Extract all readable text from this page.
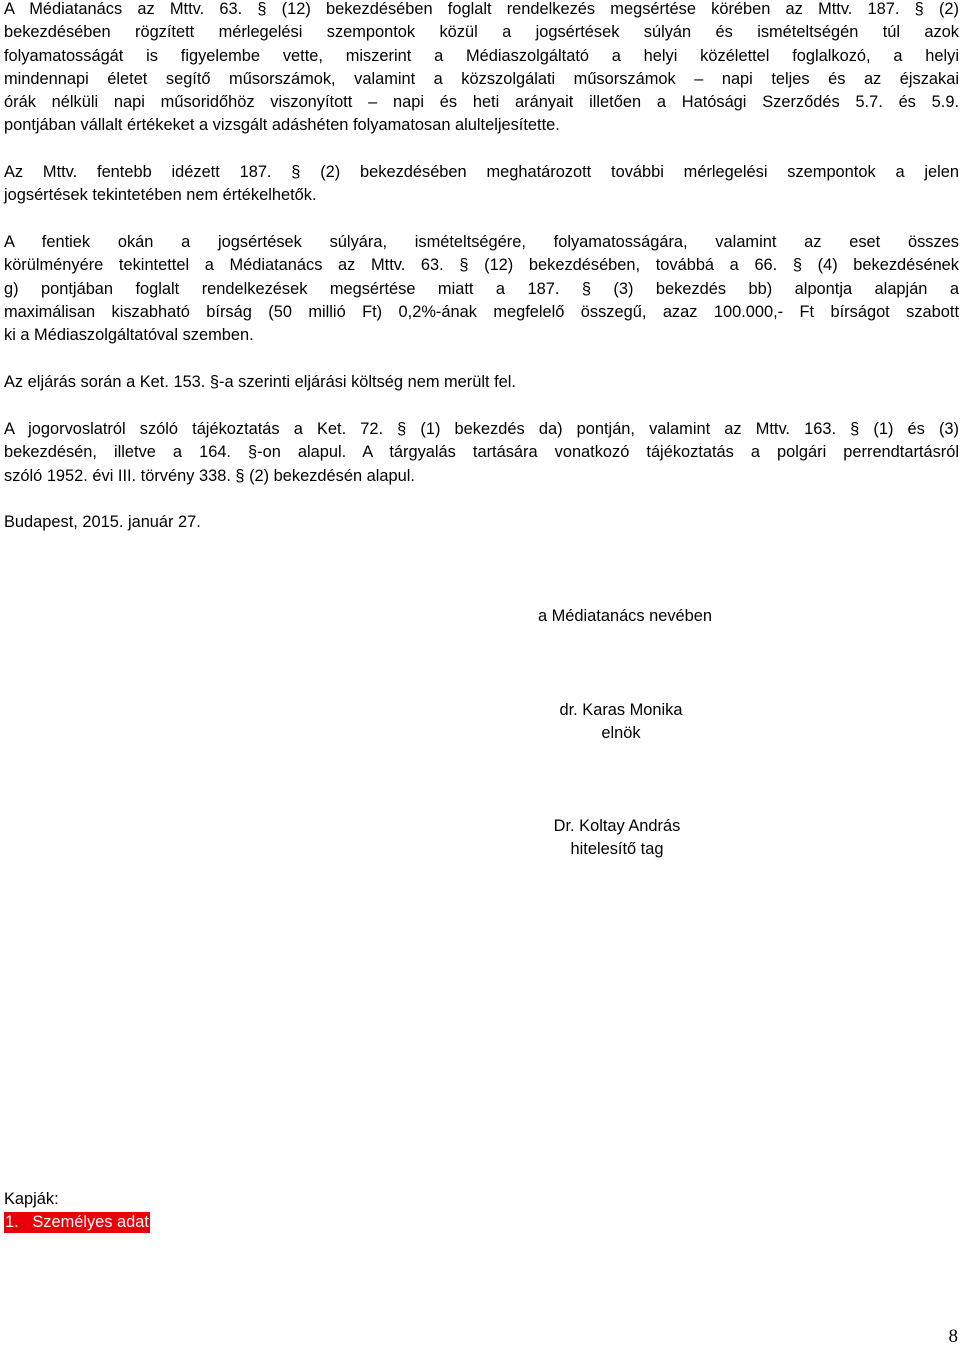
A Médiatanács az Mttv. 63. § (12) bekezdésében foglalt rendelkezés megsértése körében az Mttv. 187. § (2)
bekezdésében rögzített mérlegelési szempontok közül a jogsértések súlyán és ismételtségén túl azok
folyamatosságát is figyelembe vette, miszerint a Médiaszolgáltató a helyi közélettel foglalkozó, a helyi
mindennapi életet segítő műsorszámok, valamint a közszolgálati műsorszámok – napi teljes és az éjszakai
órák nélküli napi műsoridőhöz viszonyított – napi és heti arányait illetően a Hatósági Szerződés 5.7. és 5.9.
pontjában vállalt értékeket a vizsgált adáshéten folyamatosan alulteljesítette.
Az Mttv. fentebb idézett 187. § (2) bekezdésében meghatározott további mérlegelési szempontok a jelen
jogsértések tekintetében nem értékelhetők.
A fentiek okán a jogsértések súlyára, ismételtségére, folyamatosságára, valamint az eset összes
körülményére tekintettel a Médiatanács az Mttv. 63. § (12) bekezdésében, továbbá a 66. § (4) bekezdésének
g) pontjában foglalt rendelkezések megsértése miatt a 187. § (3) bekezdés bb) alpontja alapján a
maximálisan kiszabható bírság (50 millió Ft) 0,2%-ának megfelelő összegű, azaz 100.000,- Ft bírságot szabott
ki a Médiaszolgáltatóval szemben.
Az eljárás során a Ket. 153. §-a szerinti eljárási költség nem merült fel.
A jogorvoslatról szóló tájékoztatás a Ket. 72. § (1) bekezdés da) pontján, valamint az Mttv. 163. § (1) és (3)
bekezdésén, illetve a 164. §-on alapul. A tárgyalás tartására vonatkozó tájékoztatás a polgári perrendtartásról
szóló 1952. évi III. törvény 338. § (2) bekezdésén alapul.
Budapest, 2015. január 27.
a Médiatanács nevében
dr. Karas Monika
elnök
Dr. Koltay András
hitelesítő tag
Kapják:
1.   Személyes adat
8
